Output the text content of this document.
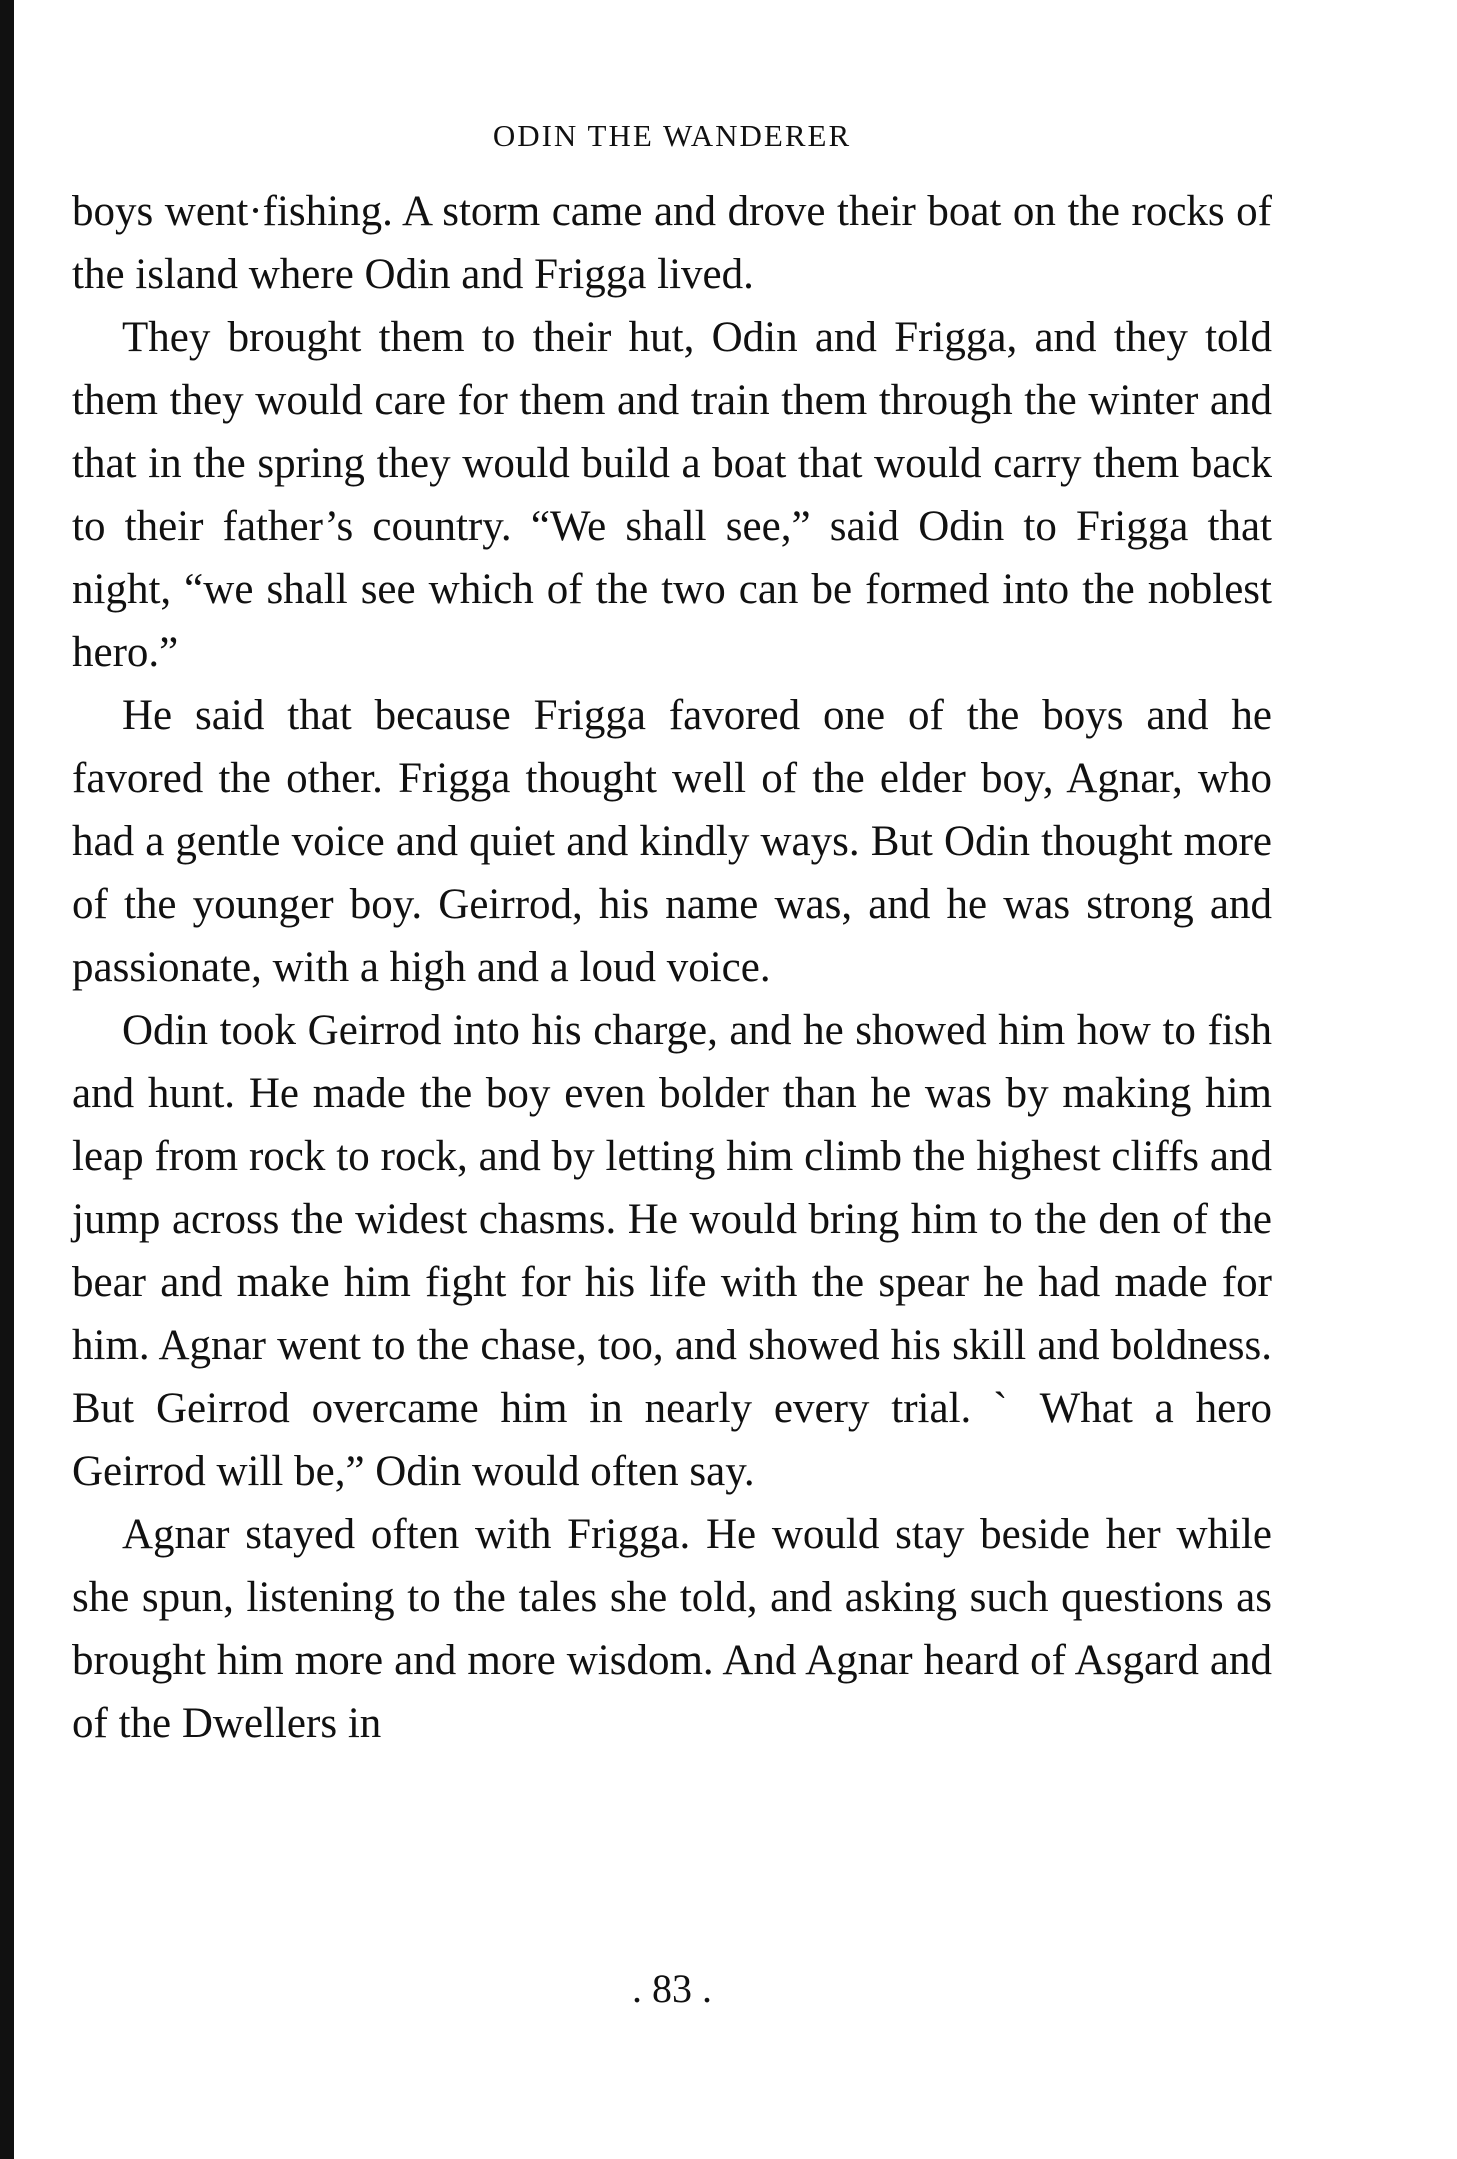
ODIN THE WANDERER

boys went·fishing. A storm came and drove their boat on the rocks of the island where Odin and Frigga lived.

They brought them to their hut, Odin and Frigga, and they told them they would care for them and train them through the winter and that in the spring they would build a boat that would carry them back to their father’s country. “We shall see,” said Odin to Frigga that night, “we shall see which of the two can be formed into the noblest hero.”

He said that because Frigga favored one of the boys and he favored the other. Frigga thought well of the elder boy, Agnar, who had a gentle voice and quiet and kindly ways. But Odin thought more of the younger boy. Geirrod, his name was, and he was strong and passionate, with a high and a loud voice.

Odin took Geirrod into his charge, and he showed him how to fish and hunt. He made the boy even bolder than he was by making him leap from rock to rock, and by letting him climb the highest cliffs and jump across the widest chasms. He would bring him to the den of the bear and make him fight for his life with the spear he had made for him. Agnar went to the chase, too, and showed his skill and boldness. But Geirrod overcame him in nearly every trial. ˋ What a hero Geirrod will be,” Odin would often say.

Agnar stayed often with Frigga. He would stay beside her while she spun, listening to the tales she told, and asking such questions as brought him more and more wisdom. And Agnar heard of Asgard and of the Dwellers in

. 83 .
